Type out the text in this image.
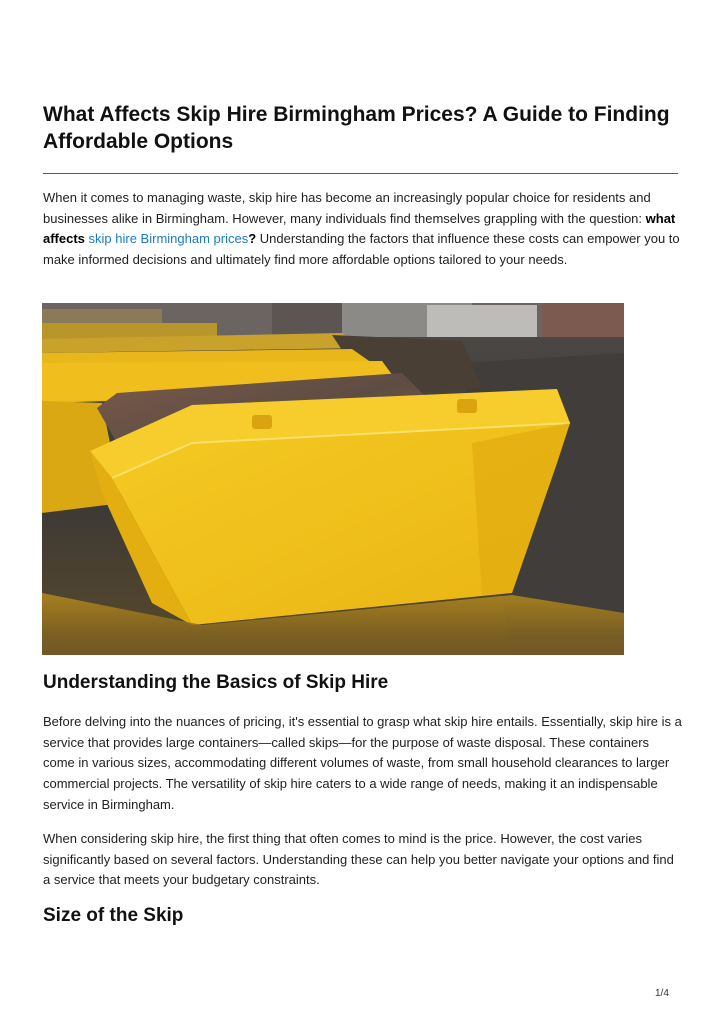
What Affects Skip Hire Birmingham Prices? A Guide to Finding Affordable Options

When it comes to managing waste, skip hire has become an increasingly popular choice for residents and businesses alike in Birmingham. However, many individuals find themselves grappling with the question: what affects skip hire Birmingham prices? Understanding the factors that influence these costs can empower you to make informed decisions and ultimately find more affordable options tailored to your needs.

Understanding the Basics of Skip Hire

Before delving into the nuances of pricing, it's essential to grasp what skip hire entails. Essentially, skip hire is a service that provides large containers—called skips—for the purpose of waste disposal. These containers come in various sizes, accommodating different volumes of waste, from small household clearances to larger commercial projects. The versatility of skip hire caters to a wide range of needs, making it an indispensable service in Birmingham.

When considering skip hire, the first thing that often comes to mind is the price. However, the cost varies significantly based on several factors. Understanding these can help you better navigate your options and find a service that meets your budgetary constraints.

Size of the Skip
1/4
